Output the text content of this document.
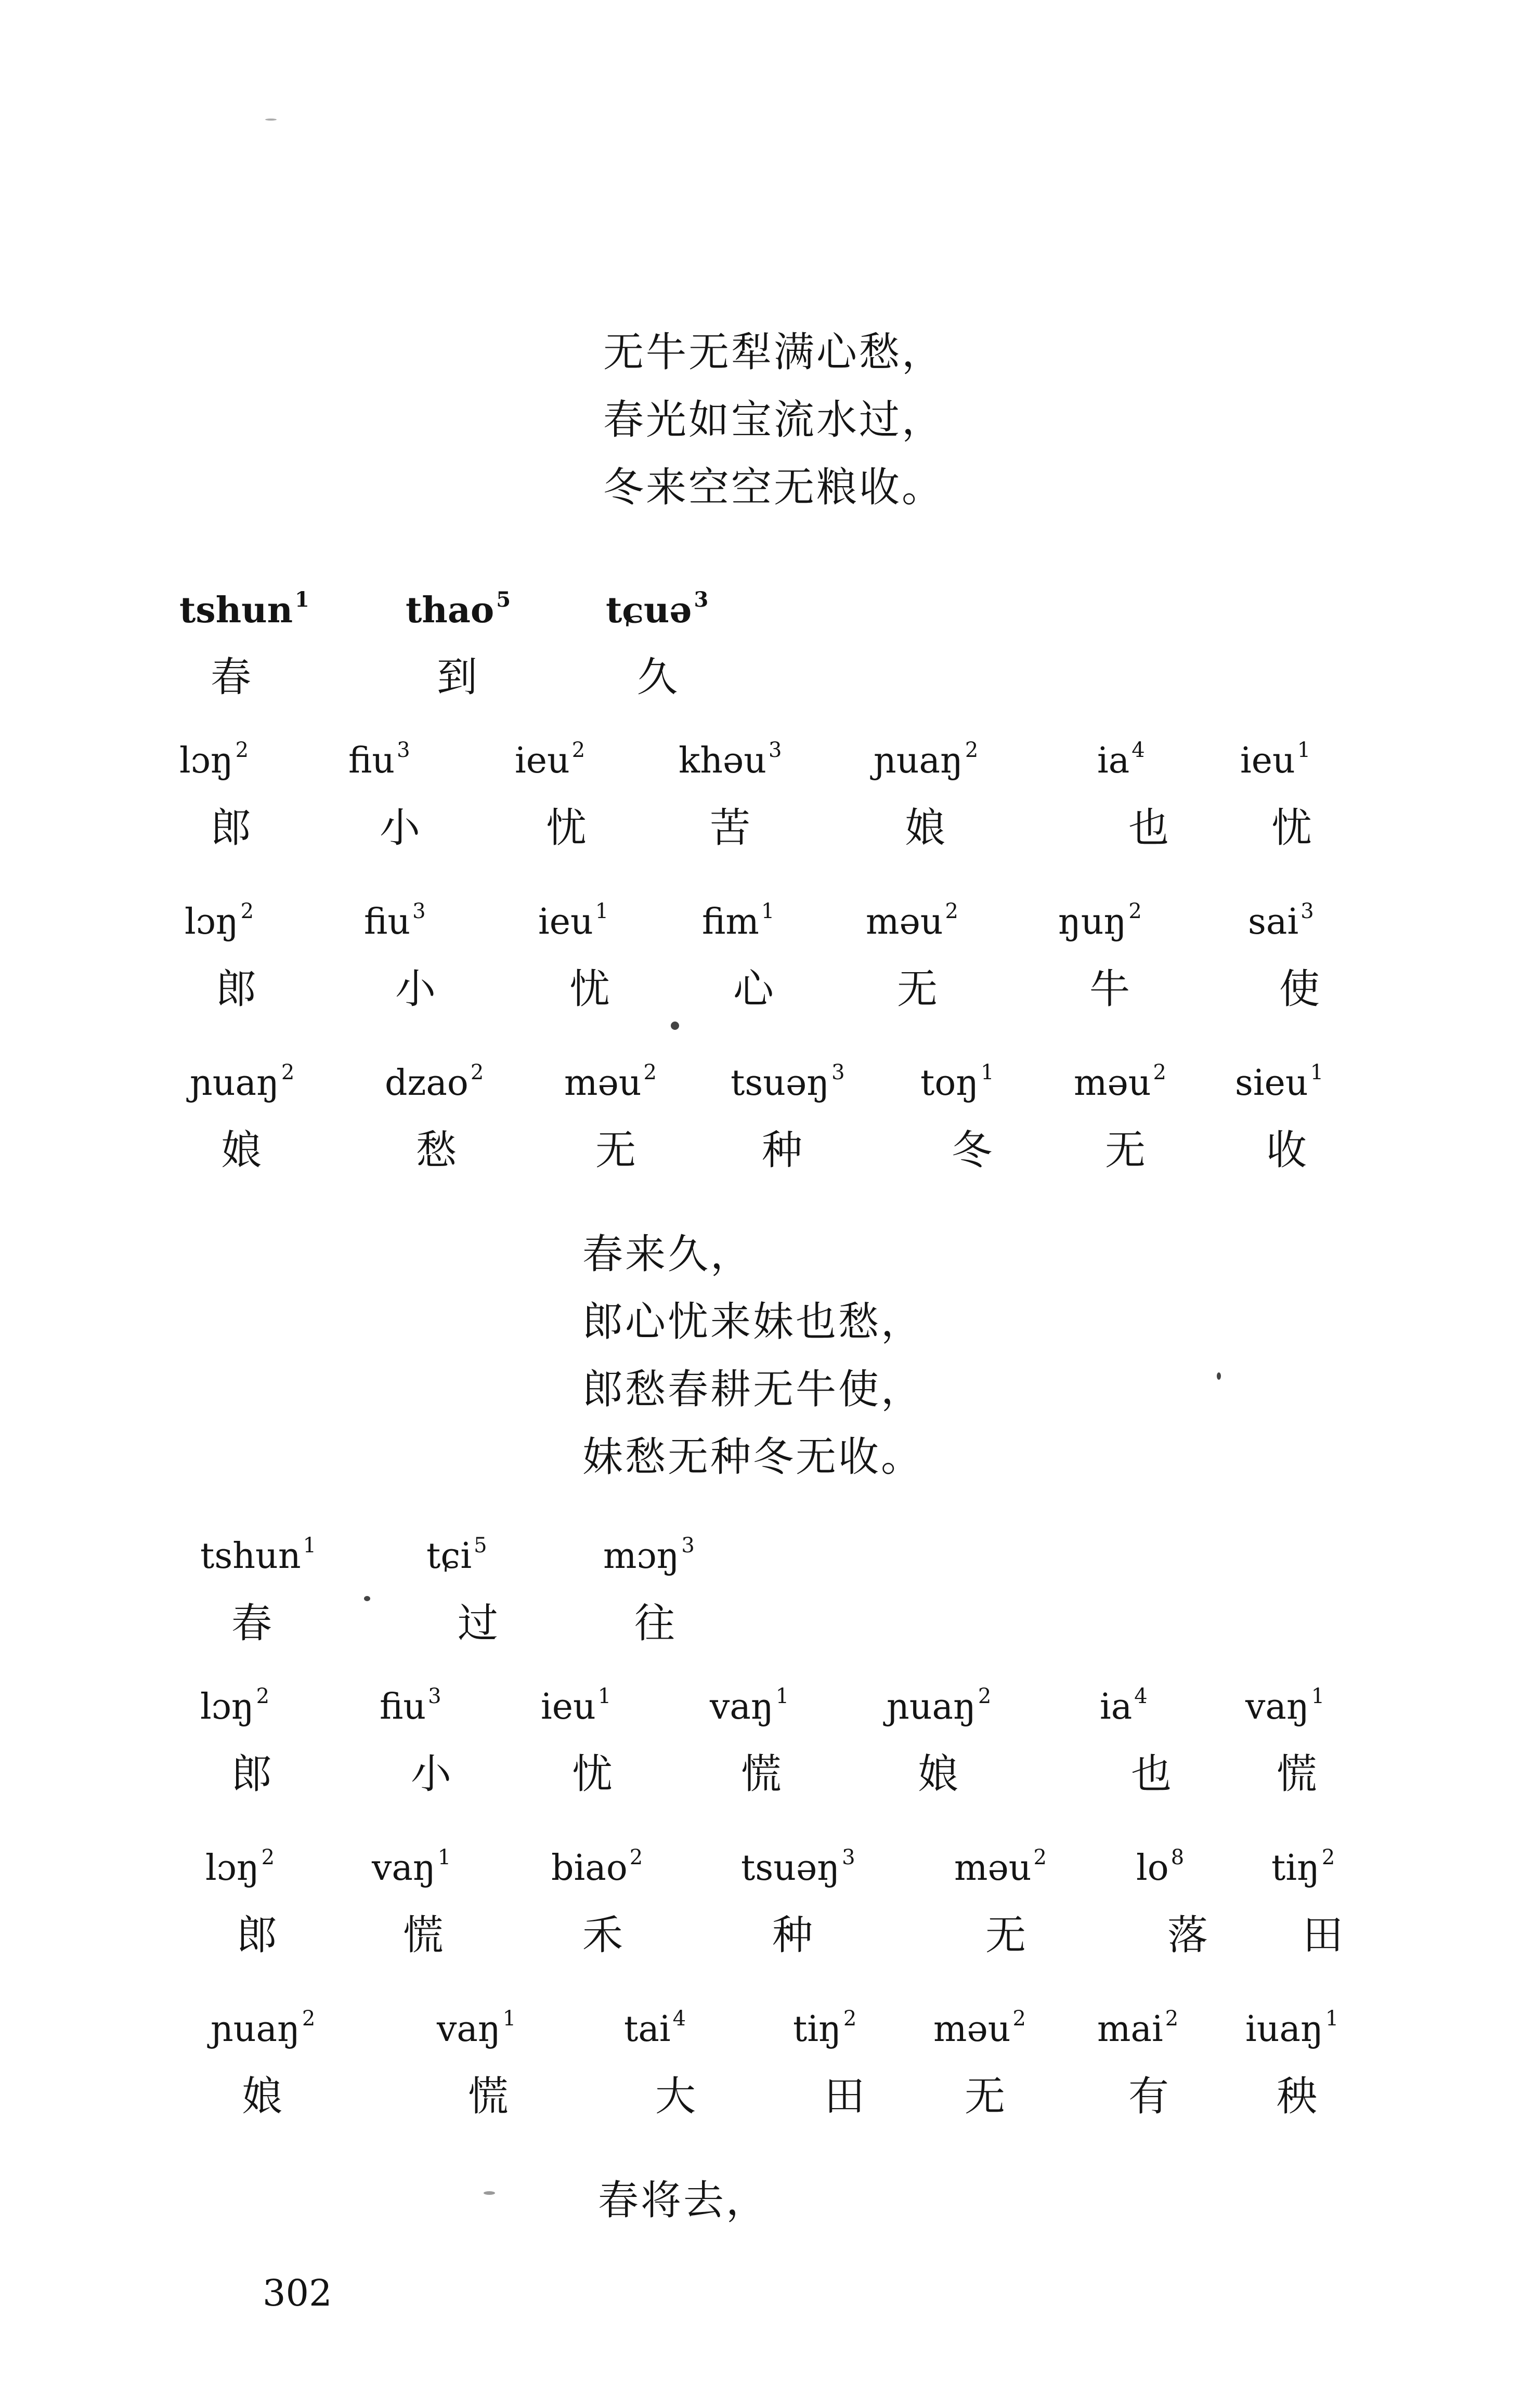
无牛无犁满心愁，
春光如宝流水过，
冬来空空无粮收。
tshun $^1$
春
thao $^5$
到
tɕuə $^3$
久
lɔŋ $^2$
郎
fiu $^3$
小
ieu $^2$
忧
khəu $^3$
苦
ɲuaŋ $^2$
娘
ia $^4$
也
ieu $^1$
忧
lɔŋ $^2$
郎
fiu $^3$
小
ieu $^1$
忧
fim $^1$
心
məu $^2$
无
ŋuŋ $^2$
牛
sai $^3$
使
ɲuaŋ $^2$
娘
dzao $^2$
愁
məu $^2$
无
tsuəŋ $^3$
种
toŋ $^1$
冬
məu $^2$
无
sieu $^1$
收
春来久，
郎心忧来妹也愁，
郎愁春耕无牛使，
妹愁无种冬无收。
tshun $^1$
春
tɕi $^5$
过
mɔŋ $^3$
往
lɔŋ $^2$
郎
fiu $^3$
小
ieu $^1$
忧
vaŋ $^1$
慌
ɲuaŋ $^2$
娘
ia $^4$
也
vaŋ $^1$
慌
lɔŋ $^2$
郎
vaŋ $^1$
慌
biao $^2$
禾
tsuəŋ $^3$
种
məu $^2$
无
lo $^8$
落
tiŋ $^2$
田
ɲuaŋ $^2$
娘
vaŋ $^1$
慌
tai $^4$
大
tiŋ $^2$
田
məu $^2$
无
mai $^2$
有
iuaŋ $^1$
秧
春将去，
302
